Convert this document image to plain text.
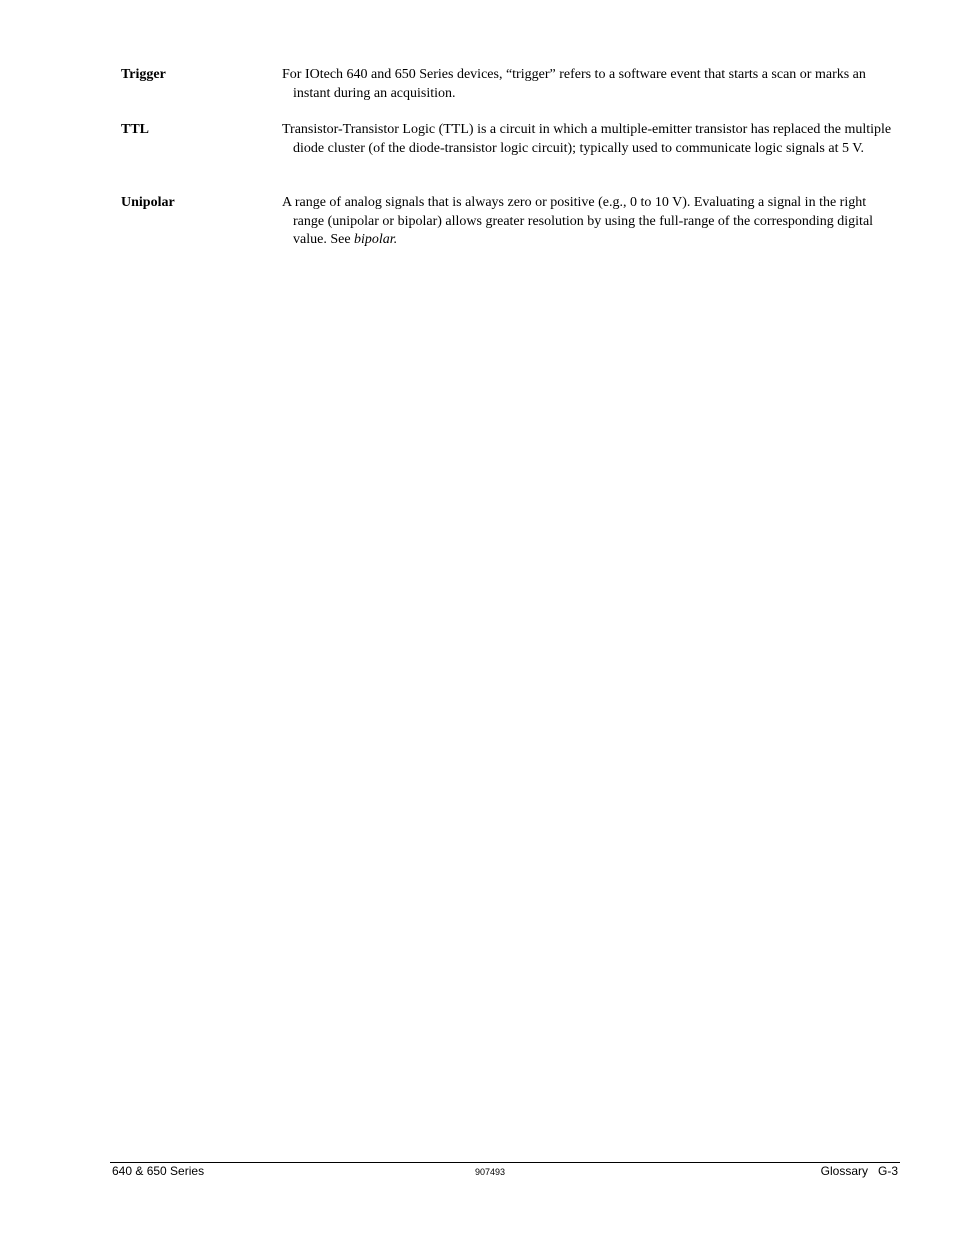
Trigger	For IOtech 640 and 650 Series devices, “trigger” refers to a software event that starts a scan or marks an instant during an acquisition.

TTL	Transistor-Transistor Logic (TTL) is a circuit in which a multiple-emitter transistor has replaced the multiple diode cluster (of the diode-transistor logic circuit); typically used to communicate logic signals at 5 V.

Unipolar	A range of analog signals that is always zero or positive (e.g., 0 to 10 V). Evaluating a signal in the right range (unipolar or bipolar) allows greater resolution by using the full-range of the corresponding digital value. See bipolar.

640 & 650 Series	907493	Glossary   G-3
